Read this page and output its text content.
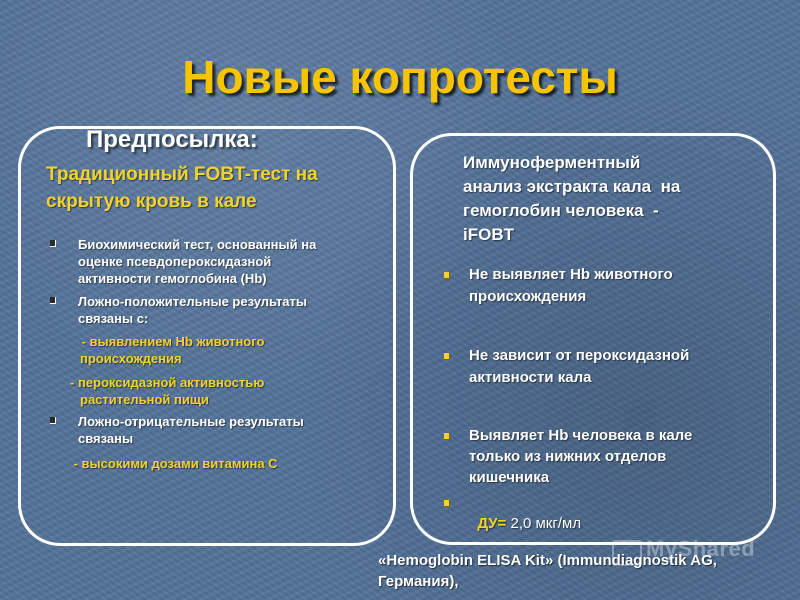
Новые копротесты
Предпосылка:
Традиционный FOBT-тест на
скрытую кровь в кале
Биохимический тест, основанный на
оценке псевдопероксидазной
активности гемоглобина (Hb)
Ложно-положительные результаты
связаны с:
- выявлением Hb животного
происхождения
- пероксидазной активностью
растительной пищи
Ложно-отрицательные результаты
связаны
- высокими дозами витамина С
Иммуноферментный
анализ экстракта кала  на
гемоглобин человека  -
iFOBT
Не выявляет Hb животного
происхождения
Не зависит от пероксидазной
активности кала
Выявляет Hb человека в кале
только из нижних отделов
кишечника

ДУ= 2,0 мкг/мл

«Hemoglobin ELISA Kit» (Immundiagnostik AG,
Германия),
MyShared
